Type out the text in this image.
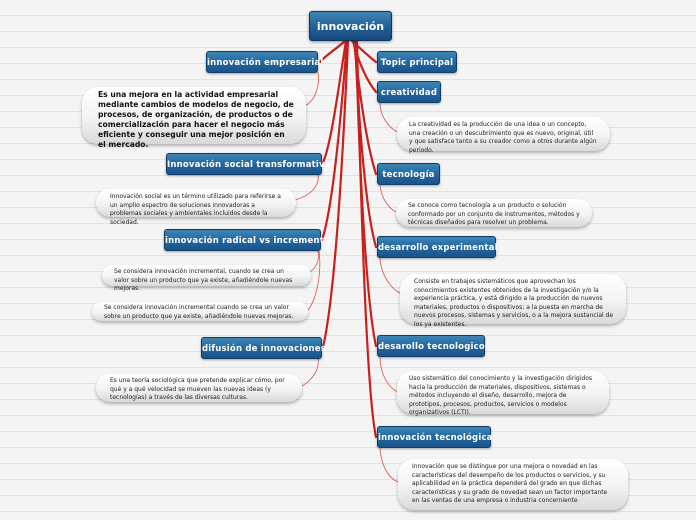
innovación
innovación empresarial
Es una mejora en la actividad empresarial mediante cambios de modelos de negocio, de procesos, de organización, de productos o de comercialización para hacer el negocio más eficiente y conseguir una mejor posición en el mercado.
Innovación social transformativa
Innovación social es un término utilizado para referirse a un amplio espectro de soluciones innovadoras a problemas sociales y ambientales incluidos desde la sociedad.
innovación radical vs incremental
Se considera innovación incremental, cuando se crea un valor sobre un producto que ya existe, añadiéndole nuevas mejoras.
Se considera innovación incremental cuando se crea un valor sobre un producto que ya existe, añadiéndole nuevas mejoras.
difusión de innovaciones
Es una teoría sociológica que pretende explicar cómo, por qué y a qué velocidad se mueven las nuevas ideas (y tecnologías) a través de las diversas culturas.
Topic principal
creatividad
La creatividad es la producción de una idea o un concepto, una creación o un descubrimiento que es nuevo, original, útil y que satisface tanto a su creador como a otros durante algún periodo.
tecnología
Se conoce como tecnología a un producto o solución conformado por un conjunto de instrumentos, métodos y técnicas diseñados para resolver un problema.
desarrollo experimental
Consiste en trabajos sistemáticos que aprovechan los conocimientos existentes obtenidos de la investigación y/o la experiencia práctica, y está dirigido a la producción de nuevos materiales, productos o dispositivos; a la puesta en marcha de nuevos procesos, sistemas y servicios, o a la mejora sustancial de los ya existentes.
desarollo tecnologico
Uso sistemático del conocimiento y la investigación dirigidos hacia la producción de materiales, dispositivos, sistemas o métodos incluyendo el diseño, desarrollo, mejora de prototipos, procesos, productos, servicios o modelos organizativos (LCTI).
innovación tecnológica
Innovación que se distingue por una mejora o novedad en las características del desempeño de los productos o servicios, y su aplicabilidad en la práctica dependerá del grado en que dichas características y su grado de novedad sean un factor importante en las ventas de una empresa o industria concerniente
